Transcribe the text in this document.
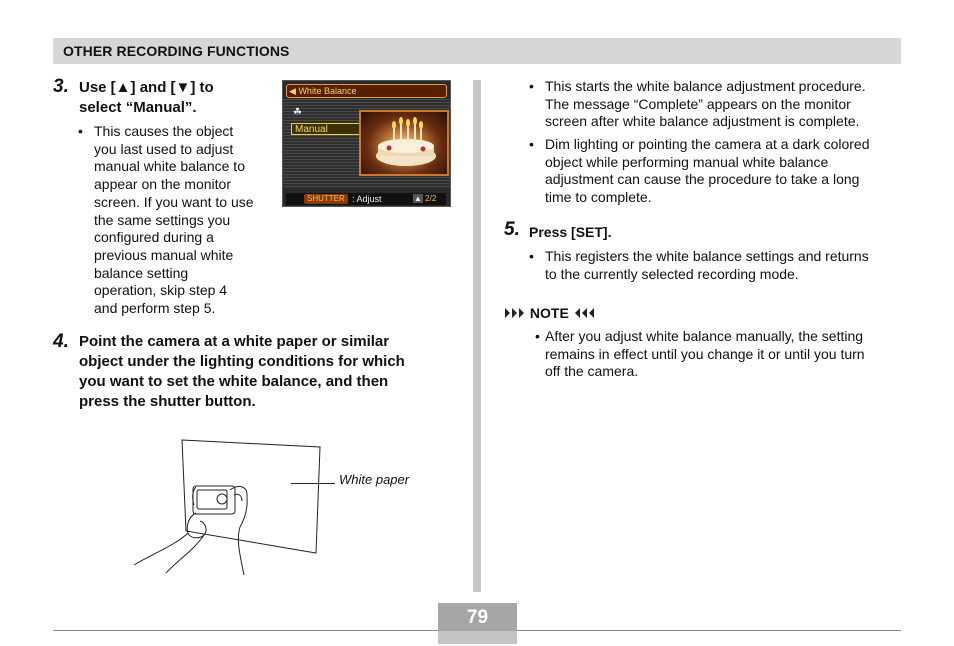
OTHER RECORDING FUNCTIONS
3. Use [▲] and [▼] to
select “Manual”.
• This causes the object
you last used to adjust
manual white balance to
appear on the monitor
screen. If you want to use
the same settings you
configured during a
previous manual white
balance setting
operation, skip step 4
and perform step 5.
◀ White Balance
☘
Manual
SHUTTER : Adjust	▲ 2/2
4. Point the camera at a white paper or similar
object under the lighting conditions for which
you want to set the white balance, and then
press the shutter button.
White paper
• This starts the white balance adjustment procedure.
The message “Complete” appears on the monitor
screen after white balance adjustment is complete.
• Dim lighting or pointing the camera at a dark colored
object while performing manual white balance
adjustment can cause the procedure to take a long
time to complete.
5. Press [SET].
• This registers the white balance settings and returns
to the currently selected recording mode.
NOTE
• After you adjust white balance manually, the setting
remains in effect until you change it or until you turn
off the camera.
79
